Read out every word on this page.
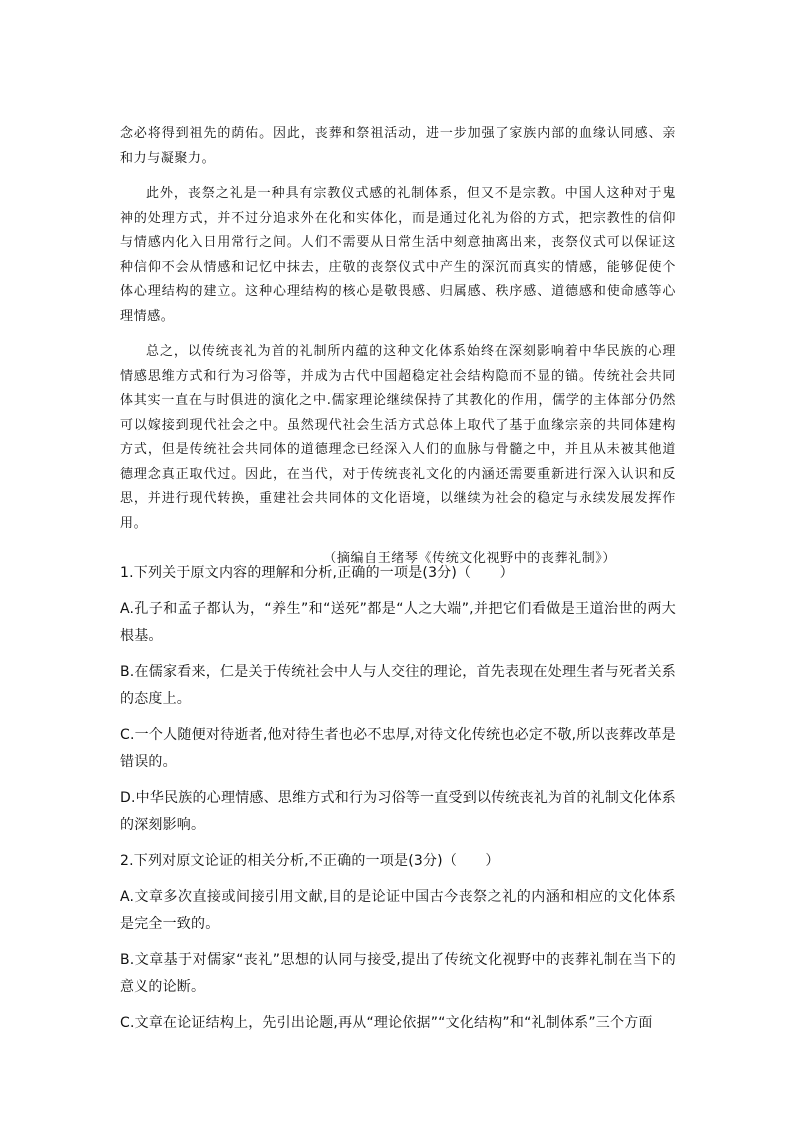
念必将得到祖先的荫佑。因此，丧葬和祭祖活动，进一步加强了家族内部的血缘认同感、亲和力与凝聚力。

此外，丧祭之礼是一种具有宗教仪式感的礼制体系，但又不是宗教。中国人这种对于鬼神的处理方式，并不过分追求外在化和实体化，而是通过化礼为俗的方式，把宗教性的信仰与情感内化入日用常行之间。人们不需要从日常生活中刻意抽离出来，丧祭仪式可以保证这种信仰不会从情感和记忆中抹去，庄敬的丧祭仪式中产生的深沉而真实的情感，能够促使个体心理结构的建立。这种心理结构的核心是敬畏感、归属感、秩序感、道德感和使命感等心理情感。

总之，以传统丧礼为首的礼制所内蕴的这种文化体系始终在深刻影响着中华民族的心理情感思维方式和行为习俗等，并成为古代中国超稳定社会结构隐而不显的锚。传统社会共同体其实一直在与时俱进的演化之中.儒家理论继续保持了其教化的作用，儒学的主体部分仍然可以嫁接到现代社会之中。虽然现代社会生活方式总体上取代了基于血缘宗亲的共同体建构方式，但是传统社会共同体的道德理念已经深入人们的血脉与骨髓之中，并且从未被其他道德理念真正取代过。因此，在当代，对于传统丧礼文化的内涵还需要重新进行深入认识和反思，并进行现代转换，重建社会共同体的文化语境，以继续为社会的稳定与永续发展发挥作用。

（摘编自王绪琴《传统文化视野中的丧葬礼制》）

1.下列关于原文内容的理解和分析,正确的一项是(3分)（　　）

A.孔子和孟子都认为，“养生”和“送死”都是“人之大端”,并把它们看做是王道治世的两大根基。

B.在儒家看来，仁是关于传统社会中人与人交往的理论，首先表现在处理生者与死者关系的态度上。

C.一个人随便对待逝者,他对待生者也必不忠厚,对待文化传统也必定不敬,所以丧葬改革是错误的。

D.中华民族的心理情感、思维方式和行为习俗等一直受到以传统丧礼为首的礼制文化体系的深刻影响。

2.下列对原文论证的相关分析,不正确的一项是(3分)（　　）

A.文章多次直接或间接引用文献,目的是论证中国古今丧祭之礼的内涵和相应的文化体系是完全一致的。

B.文章基于对儒家“丧礼”思想的认同与接受,提出了传统文化视野中的丧葬礼制在当下的意义的论断。

C.文章在论证结构上，先引出论题,再从“理论依据”“文化结构”和“礼制体系”三个方面
